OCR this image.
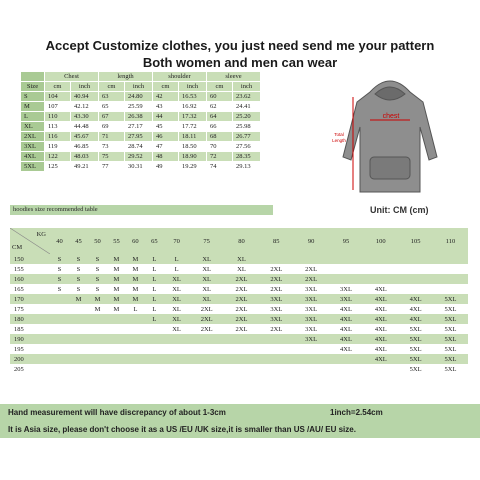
Accept Customize clothes, you just need send me your pattern
Both women and men can wear
	Chest		length		shoulder		sleeve	
Size	cm	inch	cm	inch	cm	inch	cm	inch
S	104	40.94	63	24.80	42	16.53	60	23.62
M	107	42.12	65	25.59	43	16.92	62	24.41
L	110	43.30	67	26.38	44	17.32	64	25.20
XL	113	44.48	69	27.17	45	17.72	66	25.98
2XL	116	45.67	71	27.95	46	18.11	68	26.77
3XL	119	46.85	73	28.74	47	18.50	70	27.56
4XL	122	48.03	75	29.52	48	18.90	72	28.35
5XL	125	49.21	77	30.31	49	19.29	74	29.13
chest
Total
Length
hoodies size recommended table	Unit: CM (cm)
KG
CM	40	45	50	55	60	65	70	75	80	85	90	95	100	105	110
150	S	S	S	M	M	L	L	XL	XL						
155	S	S	S	M	M	L	L	XL	XL	2XL	2XL				
160	S	S	S	M	M	L	XL	XL	2XL	2XL	2XL				
165	S	S	S	M	M	L	XL	XL	2XL	2XL	3XL	3XL	4XL		
170		M	M	M	M	L	XL	XL	2XL	3XL	3XL	3XL	4XL	4XL	5XL
175			M	M	L	L	XL	2XL	2XL	3XL	3XL	4XL	4XL	4XL	5XL
180						L	XL	2XL	2XL	3XL	3XL	4XL	4XL	4XL	5XL
185							XL	2XL	2XL	2XL	3XL	4XL	4XL	5XL	5XL
190											3XL	4XL	4XL	5XL	5XL
195												4XL	4XL	5XL	5XL
200													4XL	5XL	5XL
205														5XL	5XL
Hand measurement will have discrepancy of about 1-3cm	1inch=2.54cm
It is Asia size, please don't choose it as a US /EU /UK size,it is smaller than US /AU/ EU size.
